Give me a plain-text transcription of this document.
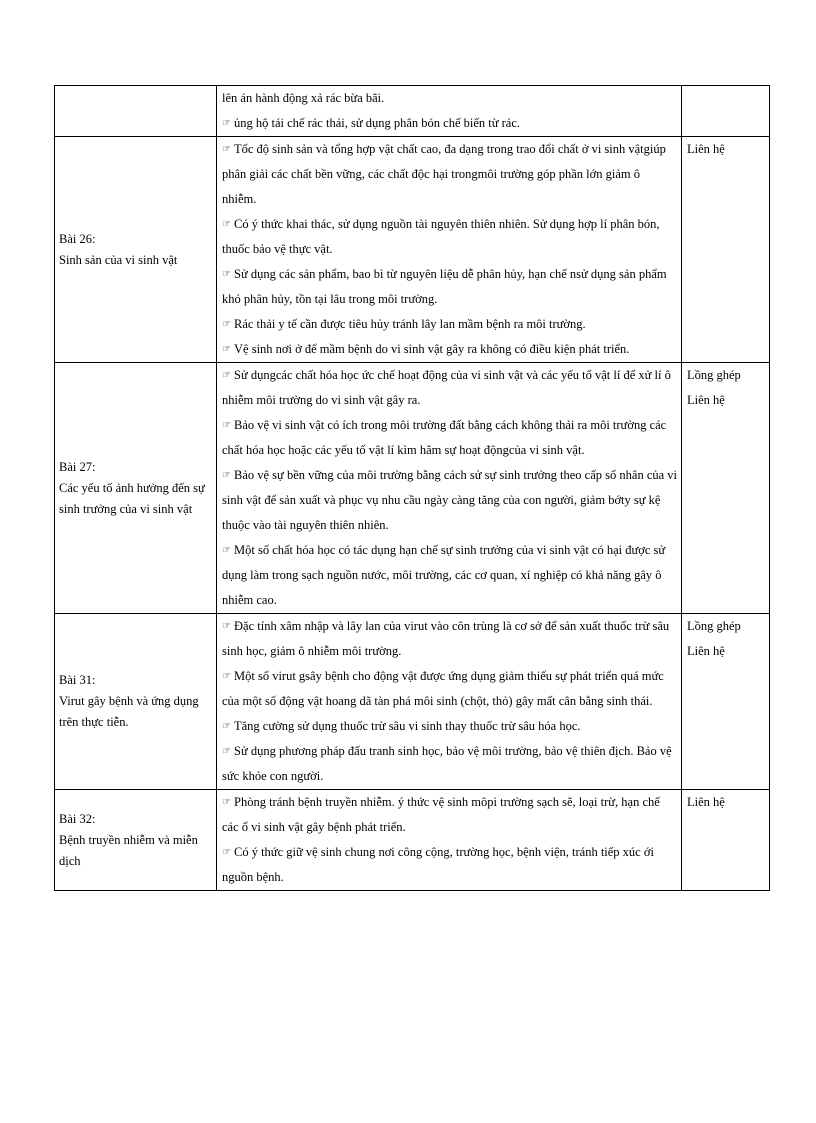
	lên án hành động xả rác bừa bãi.
☞ ủng hộ tái chế rác thải, sử dụng phân bón chế biến từ rác.	

Bài 26:
Sinh sản của vi sinh vật	☞ Tốc độ sinh sản và tổng hợp vật chất cao, đa dạng trong trao đổi chất ở vi sinh vậtgiúp phân giải các chất bền vững, các chất độc hại trongmôi trường góp phần lớn giảm ô nhiễm.
☞ Có ý thức khai thác, sử dụng nguồn tài nguyên thiên nhiên. Sử dụng hợp lí phân bón, thuốc bảo vệ thực vật.
☞ Sử dụng các sản phẩm, bao bì từ nguyên liệu dễ phân hủy, hạn chế nsử dụng sản phẩm khó phân hủy, tồn tại lâu trong môi trường.
☞ Rác thải y tế cần được tiêu hủy tránh lây lan mầm bệnh ra môi trường.
☞ Vệ sinh nơi ở để mầm bệnh do vi sinh vật gây ra không có điều kiện phát triển.	Liên hệ

Bài 27:
Các yếu tố ảnh hưởng đến sự sinh trưởng của vi sinh vật	☞ Sử dụngcác chất hóa học ức chế hoạt động của vi sinh vật và các yếu tố vật lí để xử lí ô nhiễm môi trường do vi sinh vật gây ra.
☞ Bảo vệ vi sinh vật có ích trong môi trường đất bằng cách không thải ra môi trường các chất hóa học hoặc các yếu tố vật lí kìm hãm sự hoạt độngcủa vi sinh vật.
☞ Bảo vệ sự bền vững của môi trường bằng cách sử sự sinh trưởng theo cấp số nhân của vi sinh vật để sản xuất và phục vụ nhu cầu ngày càng tăng của con người, giảm bớty sự kệ thuộc vào tài nguyên thiên nhiên.
☞ Một số chất hóa học có tác dụng hạn chế sự sinh trưởng của vi sinh vật có hại được sử dụng làm trong sạch nguồn nước, môi trường, các cơ quan, xí nghiệp có khả năng gây ô nhiễm cao.	Lồng ghép
Liên hệ

Bài 31:
Virut gây bệnh và ứng dụng trên thực tiễn.	☞ Đặc tính xâm nhập và lây lan của virut vào côn trùng là cơ sở để sản xuất thuốc trừ sâu sinh học, giảm ô nhiễm môi trường.
☞ Một số virut gsây bệnh cho động vật được ứng dụng giảm thiểu sự phát triển quá mức của một số động vật hoang dã tàn phá môi sinh (chột, thỏ) gây mất cân bằng sinh thái.
☞ Tăng cường sử dụng thuốc trừ sâu vi sinh thay thuốc trừ sâu hóa học.
☞ Sử dụng phương pháp đấu tranh sinh học, bảo vệ môi trường, bảo vệ thiên địch. Bảo vệ sức khỏe con người.	Lồng ghép
Liên hệ

Bài 32:
Bệnh truyền nhiễm và miễn dịch	☞ Phòng tránh bệnh truyền nhiễm. ý thức vệ sinh môpi trường sạch sẽ, loại trừ, hạn chế các ổ vi sinh vật gây bệnh phát triển.
☞ Có ý thức giữ vệ sinh chung nơi công cộng, trường học, bệnh viện, tránh tiếp xúc ới nguồn bệnh.	Liên hệ
